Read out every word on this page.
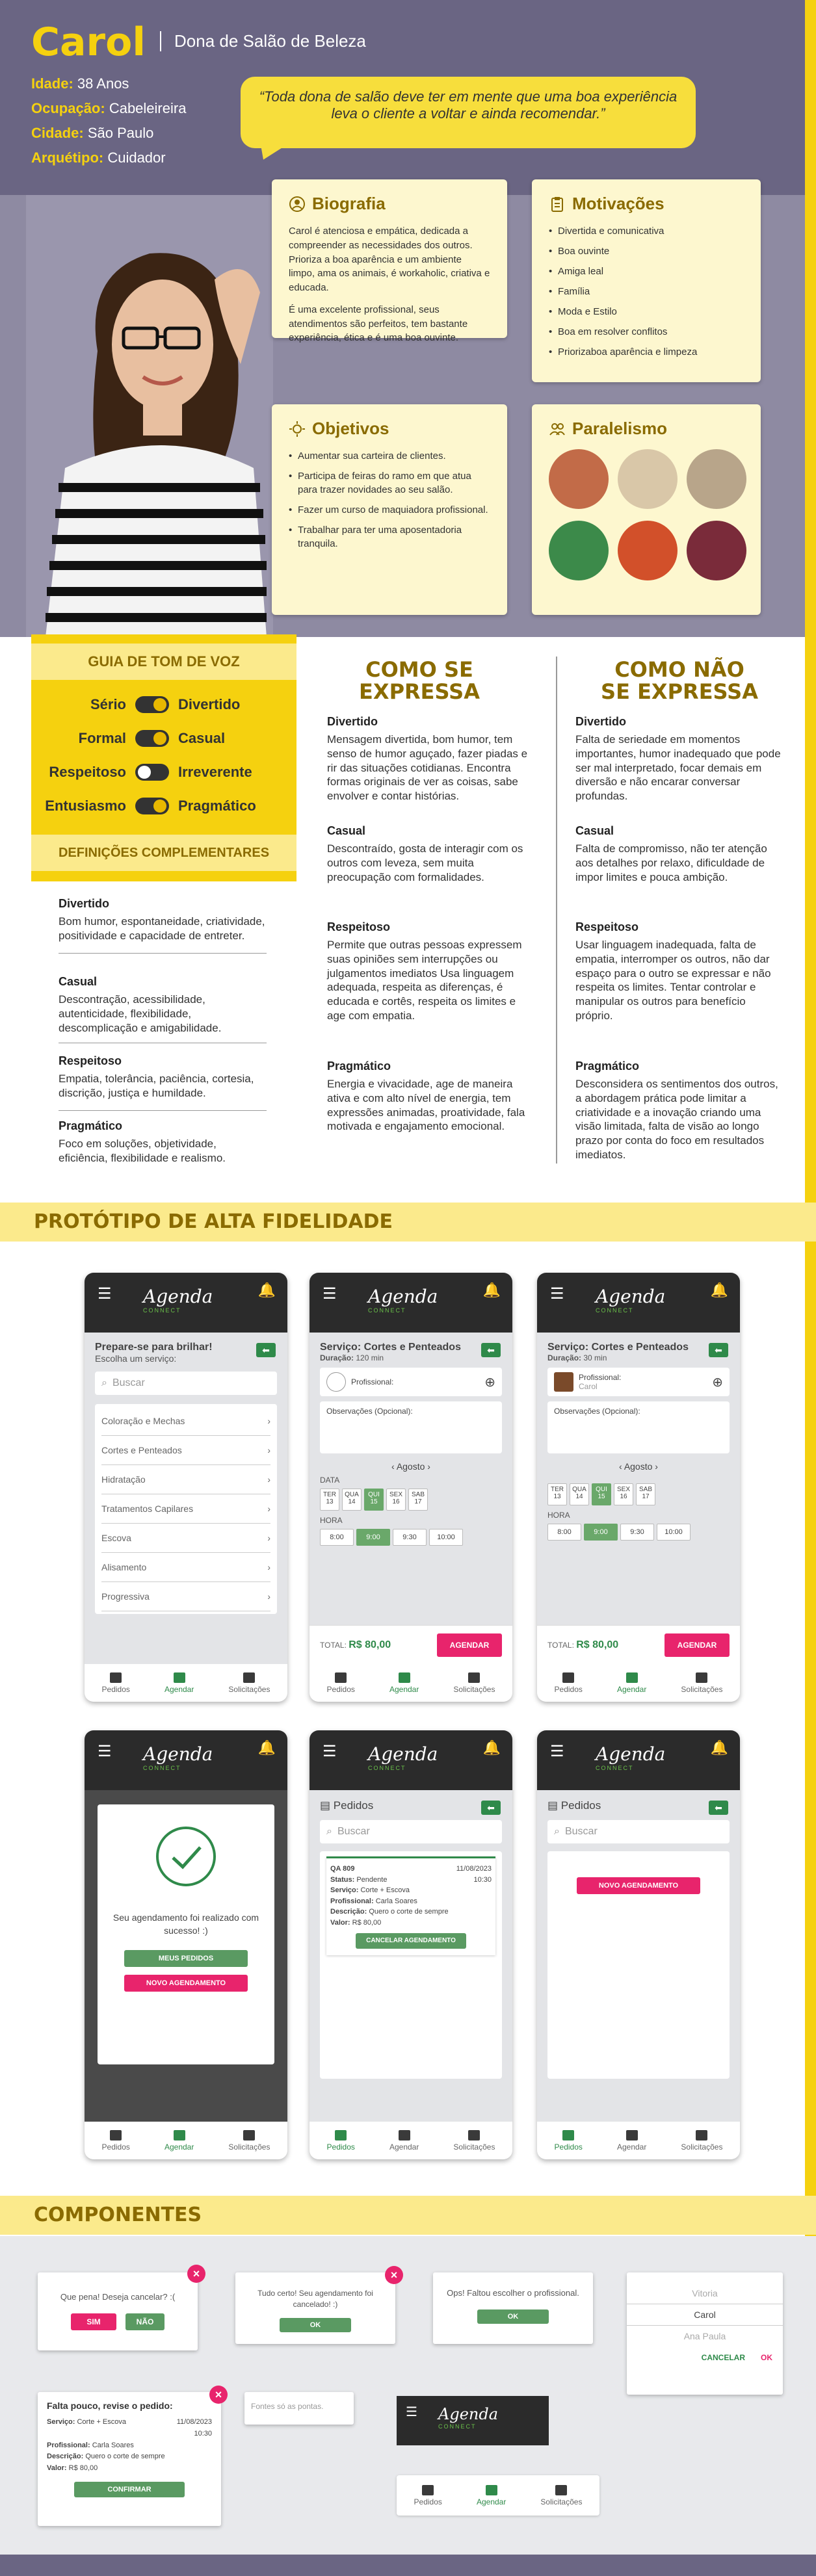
Carol	Dona de Salão de Beleza
Idade: 38 Anos
Ocupação: Cabeleireira
Cidade: São Paulo
Arquétipo: Cuidador
“Toda dona de salão deve ter em mente que uma boa experiência leva o cliente a voltar e ainda recomendar.”
Biografia

Carol é atenciosa e empática, dedicada a compreender as necessidades dos outros. Prioriza a boa aparência e um ambiente limpo, ama os animais, é workaholic, criativa e educada.

É uma excelente profissional, seus atendimentos são perfeitos, tem bastante experiência, ética e é uma boa ouvinte.

Motivações
• Divertida e comunicativa
• Boa ouvinte
• Amiga leal
• Família
• Moda e Estilo
• Boa em resolver conflitos
• Priorizaboa aparência e limpeza
Objetivos
• Aumentar sua carteira de clientes.
• Participa de feiras do ramo em que atua para trazer novidades ao seu salão.
• Fazer um curso de maquiadora profissional.
• Trabalhar para ter uma aposentadoria tranquila.
Paralelismo
GUIA DE TOM DE VOZ
DEFINIÇÕES COMPLEMENTARES
COMO SE
EXPRESSA
COMO NÃO
SE EXPRESSA
PROTÓTIPO DE ALTA FIDELIDADE
☰ Agenda
CONNECT
🔔
Prepare-se para brilhar!
Escolha um serviço:
⬅
⌕ Buscar
Coloração e Mechas	›
Cortes e Penteados	›
Hidratação	›
Tratamentos Capilares	›
Escova	›
Alisamento	›
Progressiva	›
Pedidos	Agendar	Solicitações
☰ Agenda
CONNECT
🔔
Serviço: Cortes e Penteados
Duração: 120 min
⬅
Profissional:	⊕
Observações (Opcional):
‹ Agosto ›
DATA
TER
13
QUA
14
QUI
15
SEX
16
SAB
17
HORA
8:00	9:00	9:30	10:00
TOTAL: R$ 80,00	AGENDAR
Pedidos	Agendar	Solicitações
☰ Agenda
CONNECT
🔔
Serviço: Cortes e Penteados
Duração: 30 min
⬅
Profissional:
Carol	⊕
Observações (Opcional):
‹ Agosto ›
TER
13
QUA
14
QUI
15
SEX
16
SAB
17
HORA
8:00	9:00	9:30	10:00
TOTAL: R$ 80,00	AGENDAR
Pedidos	Agendar	Solicitações
☰ Agenda
CONNECT
🔔
Seu agendamento foi realizado com sucesso! :)
MEUS PEDIDOS
NOVO AGENDAMENTO
Pedidos	Agendar	Solicitações
☰ Agenda
CONNECT
🔔
▤ Pedidos	⬅
⌕ Buscar
QA 809	11/08/2023
Status: Pendente	10:30
Serviço: Corte + Escova
Profissional: Carla Soares
Descrição: Quero o corte de sempre
Valor: R$ 80,00
CANCELAR AGENDAMENTO
Pedidos	Agendar	Solicitações
☰ Agenda
CONNECT
🔔
▤ Pedidos	⬅
⌕ Buscar
NOVO AGENDAMENTO
Pedidos	Agendar	Solicitações
COMPONENTES
Que pena! Deseja cancelar? :(
SIM	NÃO
×
Tudo certo! Seu agendamento foi cancelado! :)
OK
×
Ops! Faltou escolher o profissional.
OK
Vitoria
Carol
Ana Paula
CANCELAR OK
Falta pouco, revise o pedido:
Serviço: Corte + Escova	11/08/2023
10:30
Profissional: Carla Soares
Descrição: Quero o corte de sempre
Valor: R$ 80,00
CONFIRMAR
×
Fontes só as pontas.	☰ Agenda
CONNECT
Pedidos	Agendar	Solicitações
Sério	Divertido
Formal	Casual
Respeitoso	Irreverente
Entusiasmo	Pragmático
Divertido

Bom humor, espontaneidade, criatividade, positividade e capacidade de entreter.

Casual

Descontração, acessibilidade, autenticidade, flexibilidade, descomplicação e amigabilidade.

Respeitoso

Empatia, tolerância, paciência, cortesia, discrição, justiça e humildade.

Pragmático

Foco em soluções, objetividade, eficiência, flexibilidade e realismo.

Divertido

Mensagem divertida, bom humor, tem senso de humor aguçado, fazer piadas e rir das situações cotidianas. Encontra formas originais de ver as coisas, sabe envolver e contar histórias.

Casual

Descontraído, gosta de interagir com os outros com leveza, sem muita preocupação com formalidades.

Respeitoso

Permite que outras pessoas expressem suas opiniões sem interrupções ou julgamentos imediatos Usa linguagem adequada, respeita as diferenças, é educada e cortês, respeita os limites e age com empatia.

Pragmático

Energia e vivacidade, age de maneira ativa e com alto nível de energia, tem expressões animadas, proatividade, fala motivada e engajamento emocional.

Divertido

Falta de seriedade em momentos importantes, humor inadequado que pode ser mal interpretado, focar demais em diversão e não encarar conversar profundas.

Casual

Falta de compromisso, não ter atenção aos detalhes por relaxo, dificuldade de impor limites e pouca ambição.

Respeitoso

Usar linguagem inadequada, falta de empatia, interromper os outros, não dar espaço para o outro se expressar e não respeita os limites. Tentar controlar e manipular os outros para benefício próprio.

Pragmático

Desconsidera os sentimentos dos outros, a abordagem prática pode limitar a criatividade e a inovação criando uma visão limitada, falta de visão ao longo prazo por conta do foco em resultados imediatos.
